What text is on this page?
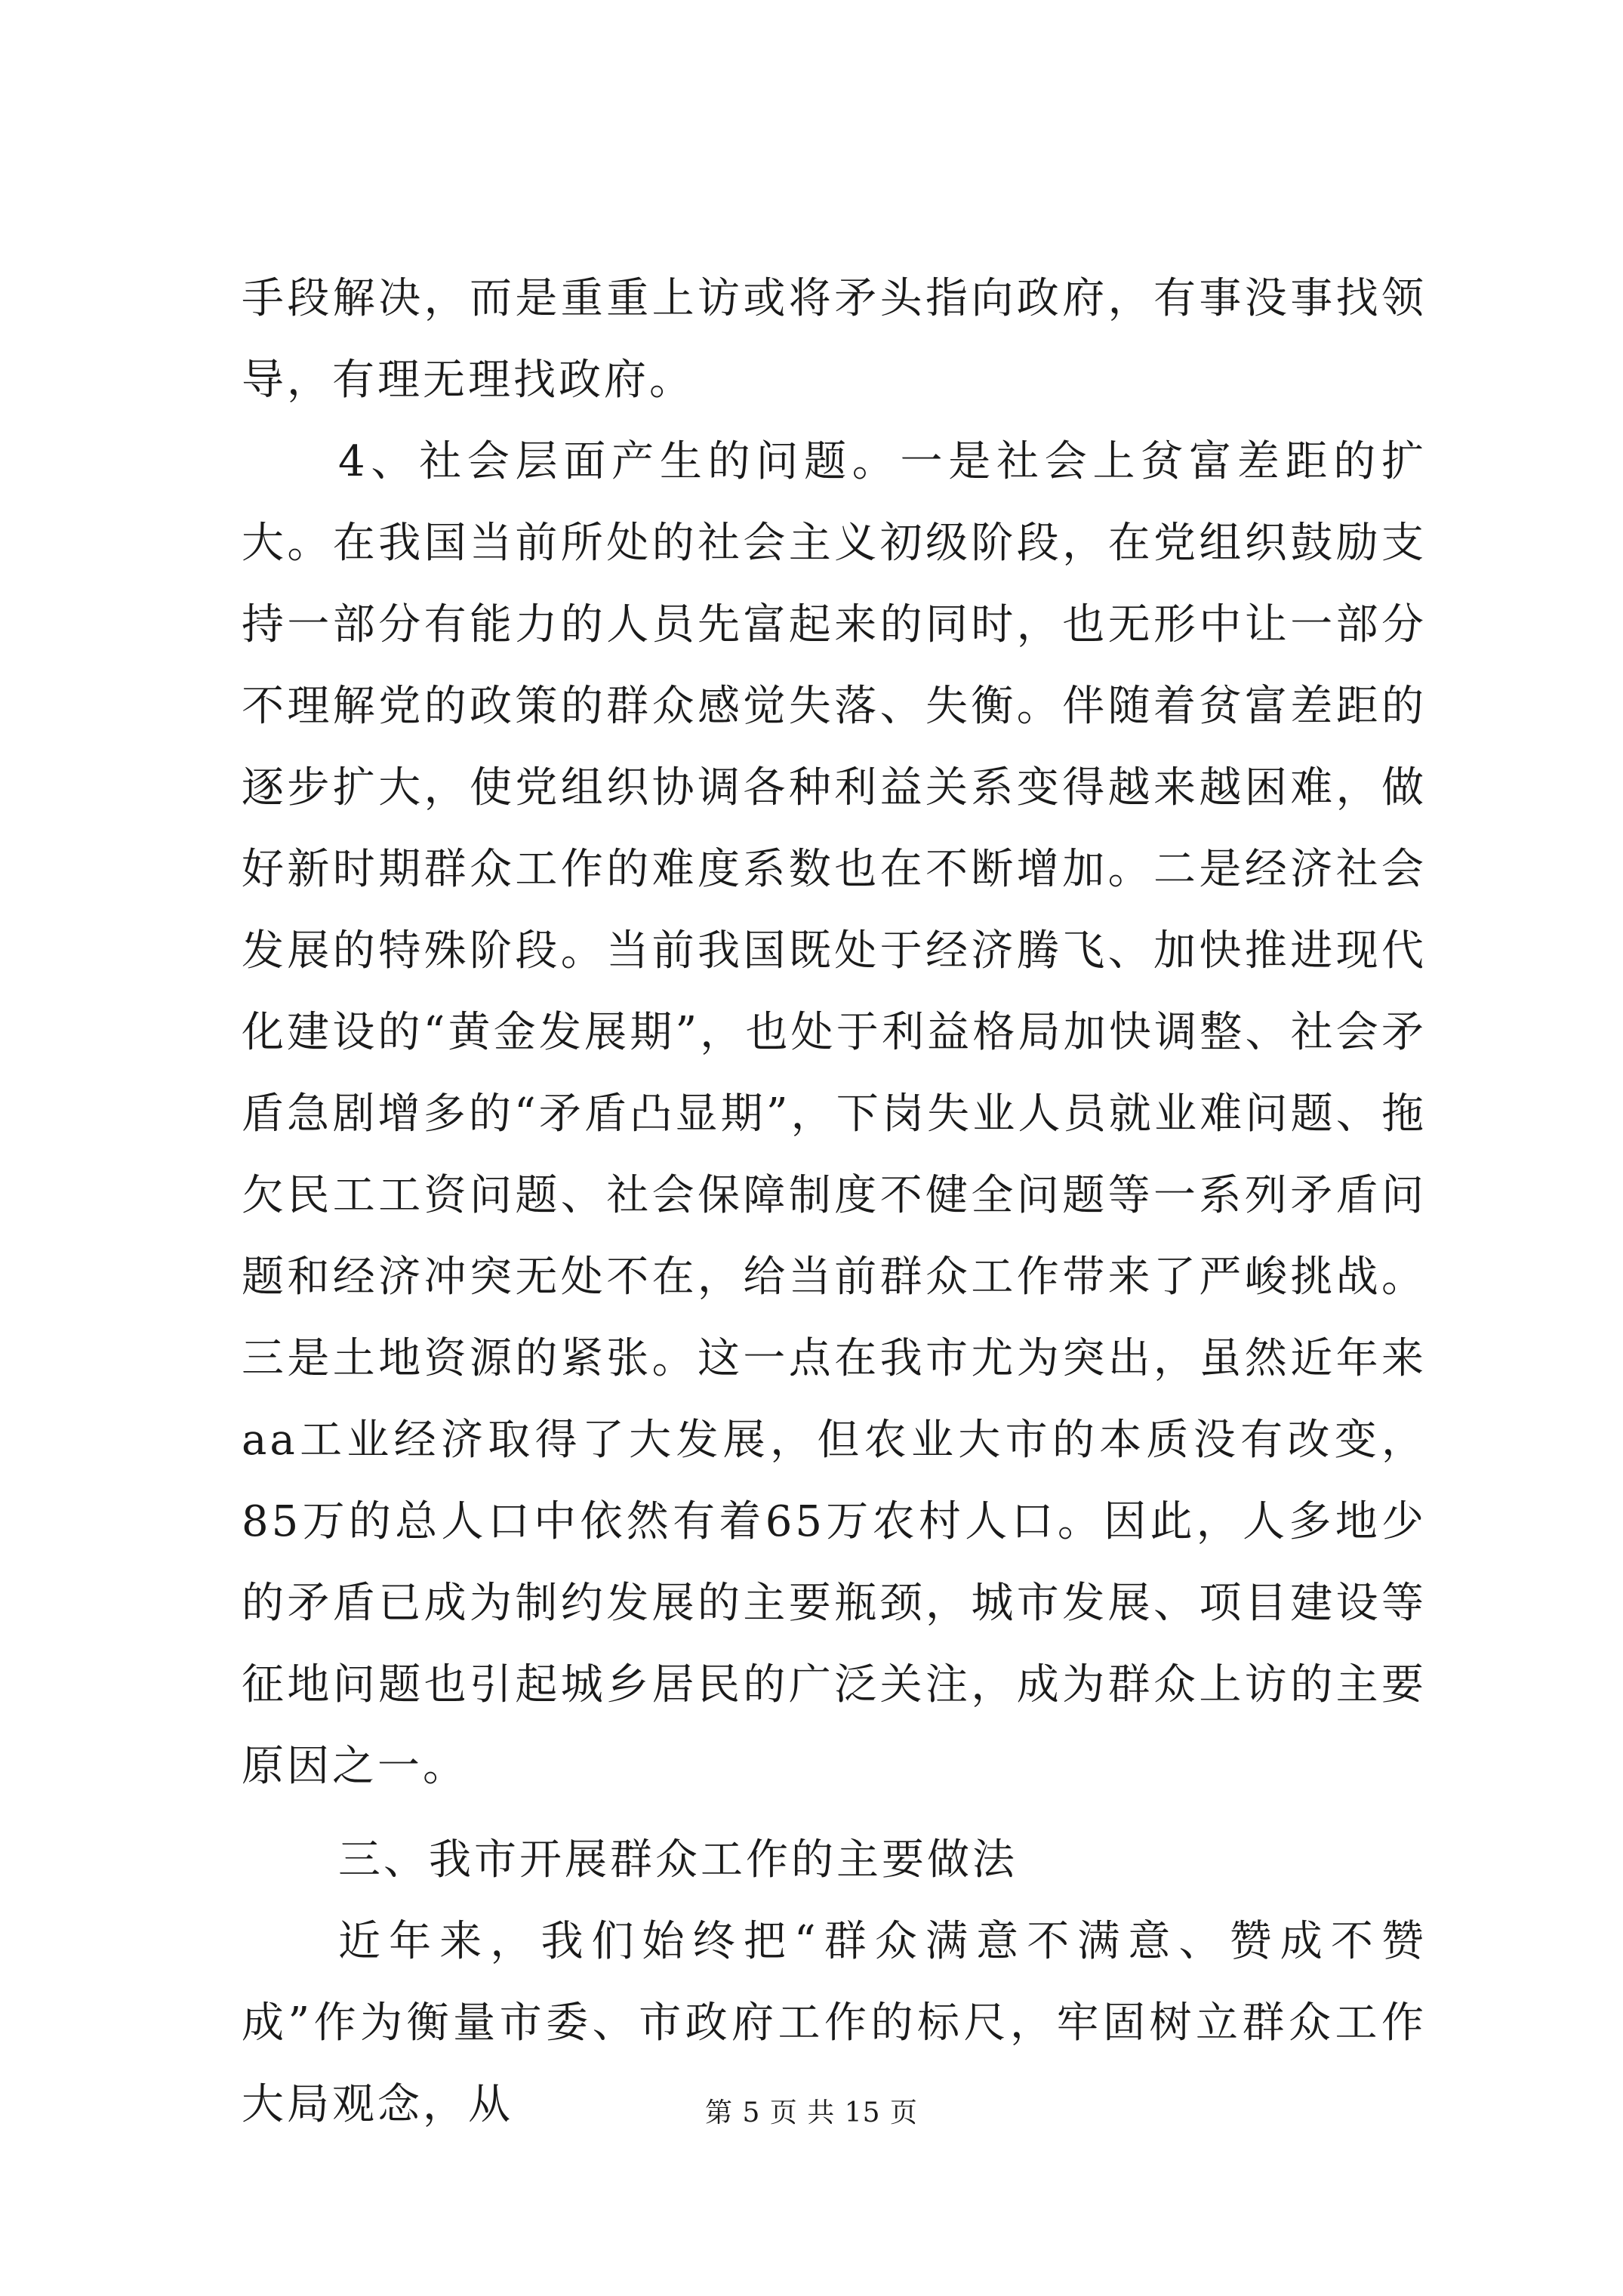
手段解决，而是重重上访或将矛头指向政府，有事没事找领导，有理无理找政府。

4、社会层面产生的问题。一是社会上贫富差距的扩大。在我国当前所处的社会主义初级阶段，在党组织鼓励支持一部分有能力的人员先富起来的同时，也无形中让一部分不理解党的政策的群众感觉失落、失衡。伴随着贫富差距的逐步扩大，使党组织协调各种利益关系变得越来越困难，做好新时期群众工作的难度系数也在不断增加。二是经济社会发展的特殊阶段。当前我国既处于经济腾飞、加快推进现代化建设的“黄金发展期”，也处于利益格局加快调整、社会矛盾急剧增多的“矛盾凸显期”，下岗失业人员就业难问题、拖欠民工工资问题、社会保障制度不健全问题等一系列矛盾问题和经济冲突无处不在，给当前群众工作带来了严峻挑战。三是土地资源的紧张。这一点在我市尤为突出，虽然近年来aa工业经济取得了大发展，但农业大市的本质没有改变，85万的总人口中依然有着65万农村人口。因此，人多地少的矛盾已成为制约发展的主要瓶颈，城市发展、项目建设等征地问题也引起城乡居民的广泛关注，成为群众上访的主要原因之一。

三、我市开展群众工作的主要做法

近年来，我们始终把“群众满意不满意、赞成不赞成”作为衡量市委、市政府工作的标尺，牢固树立群众工作大局观念，从	第 5 页 共 15 页
